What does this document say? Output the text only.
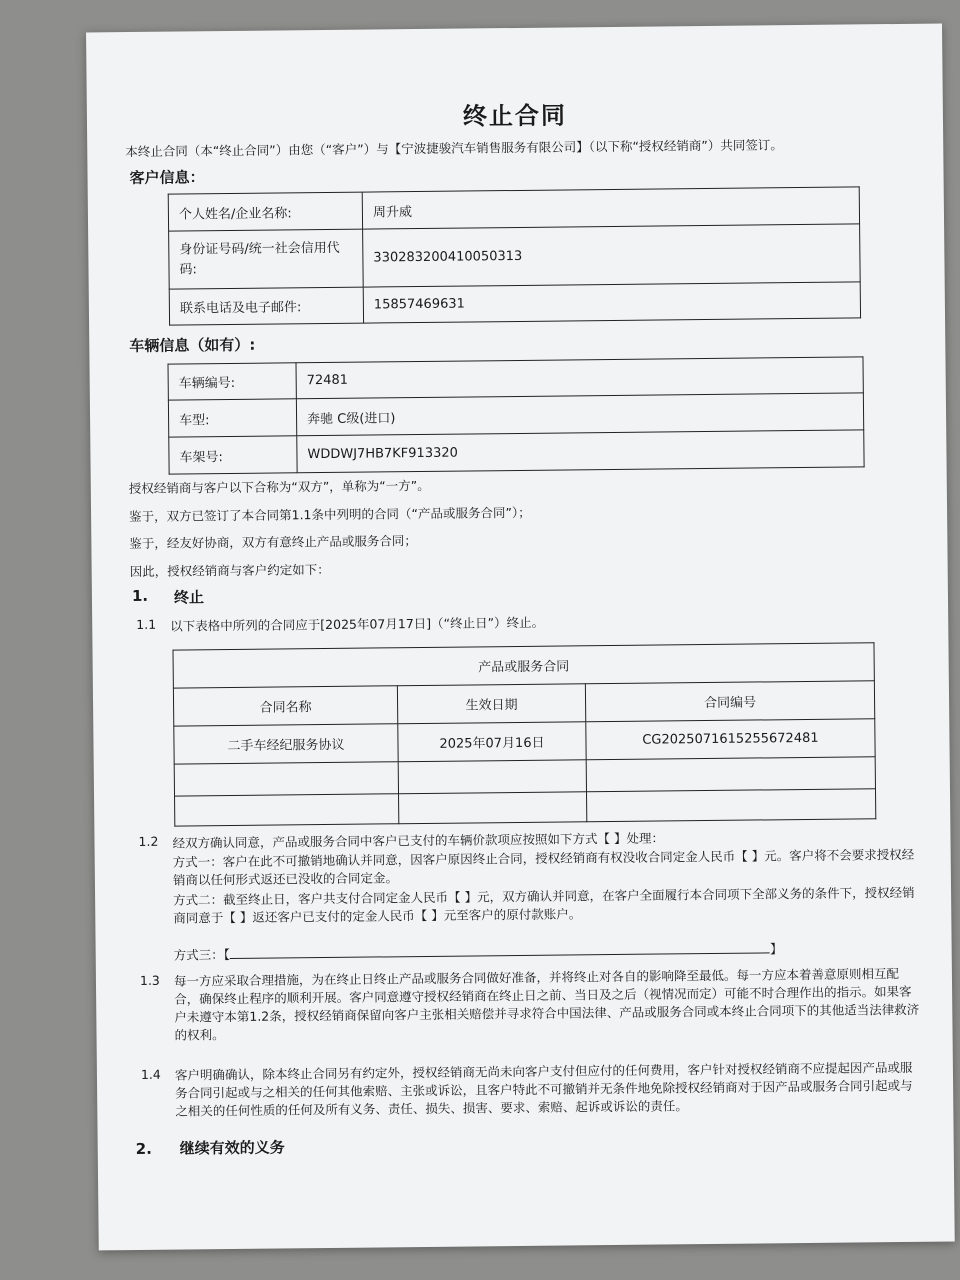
终止合同
本终止合同（本“终止合同”）由您（“客户”）与【宁波捷骏汽车销售服务有限公司】（以下称“授权经销商”）共同签订。
客户信息：
个人姓名/企业名称:	周升威
身份证号码/统一社会信用代码:	330283200410050313
联系电话及电子邮件:	15857469631
车辆信息（如有）:
车辆编号:	72481
车型:	奔驰 C级(进口)
车架号:	WDDWJ7HB7KF913320
授权经销商与客户以下合称为“双方”，单称为“一方”。
鉴于，双方已签订了本合同第1.1条中列明的合同（“产品或服务合同”）；
鉴于，经友好协商，双方有意终止产品或服务合同；
因此，授权经销商与客户约定如下：
1. 终止
1.1 以下表格中所列的合同应于[2025年07月17日]（“终止日”）终止。
产品或服务合同		
合同名称	生效日期	合同编号
二手车经纪服务协议	2025年07月16日	CG2025071615255672481

1.2 经双方确认同意，产品或服务合同中客户已支付的车辆价款项应按照如下方式【 】处理：
方式一：客户在此不可撤销地确认并同意，因客户原因终止合同，授权经销商有权没收合同定金人民币【 】元。客户将不会要求授权经销商以任何形式返还已没收的合同定金。
方式二：截至终止日，客户共支付合同定金人民币【 】元，双方确认并同意，在客户全面履行本合同项下全部义务的条件下，授权经销商同意于【 】返还客户已支付的定金人民币【 】元至客户的原付款账户。
方式三：【	】
1.3 每一方应采取合理措施，为在终止日终止产品或服务合同做好准备，并将终止对各自的影响降至最低。每一方应本着善意原则相互配合，确保终止程序的顺利开展。客户同意遵守授权经销商在终止日之前、当日及之后（视情况而定）可能不时合理作出的指示。如果客户未遵守本第1.2条，授权经销商保留向客户主张相关赔偿并寻求符合中国法律、产品或服务合同或本终止合同项下的其他适当法律救济的权利。
1.4 客户明确确认，除本终止合同另有约定外，授权经销商无尚未向客户支付但应付的任何费用，客户针对授权经销商不应提起因产品或服务合同引起或与之相关的任何其他索赔、主张或诉讼，且客户特此不可撤销并无条件地免除授权经销商对于因产品或服务合同引起或与之相关的任何性质的任何及所有义务、责任、损失、损害、要求、索赔、起诉或诉讼的责任。
2. 继续有效的义务
